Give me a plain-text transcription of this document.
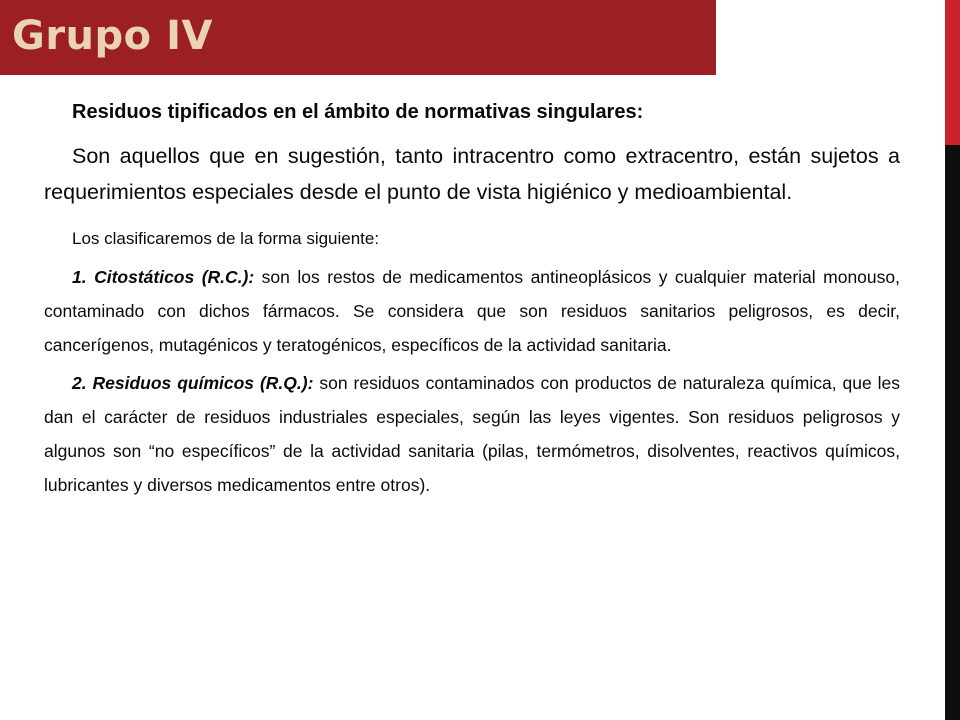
Grupo IV

Residuos tipificados en el ámbito de normativas singulares:

Son aquellos que en sugestión, tanto intracentro como extracentro, están sujetos a requerimientos especiales desde el punto de vista higiénico y medioambiental.

Los clasificaremos de la forma siguiente:

1. Citostáticos (R.C.): son los restos de medicamentos antineoplásicos y cualquier material monouso, contaminado con dichos fármacos. Se considera que son residuos sanitarios peligrosos, es decir, cancerígenos, mutagénicos y teratogénicos, específicos de la actividad sanitaria.

2. Residuos químicos (R.Q.): son residuos contaminados con productos de naturaleza química, que les dan el carácter de residuos industriales especiales, según las leyes vigentes. Son residuos peligrosos y algunos son “no específicos” de la actividad sanitaria (pilas, termómetros, disolventes, reactivos químicos, lubricantes y diversos medicamentos entre otros).
